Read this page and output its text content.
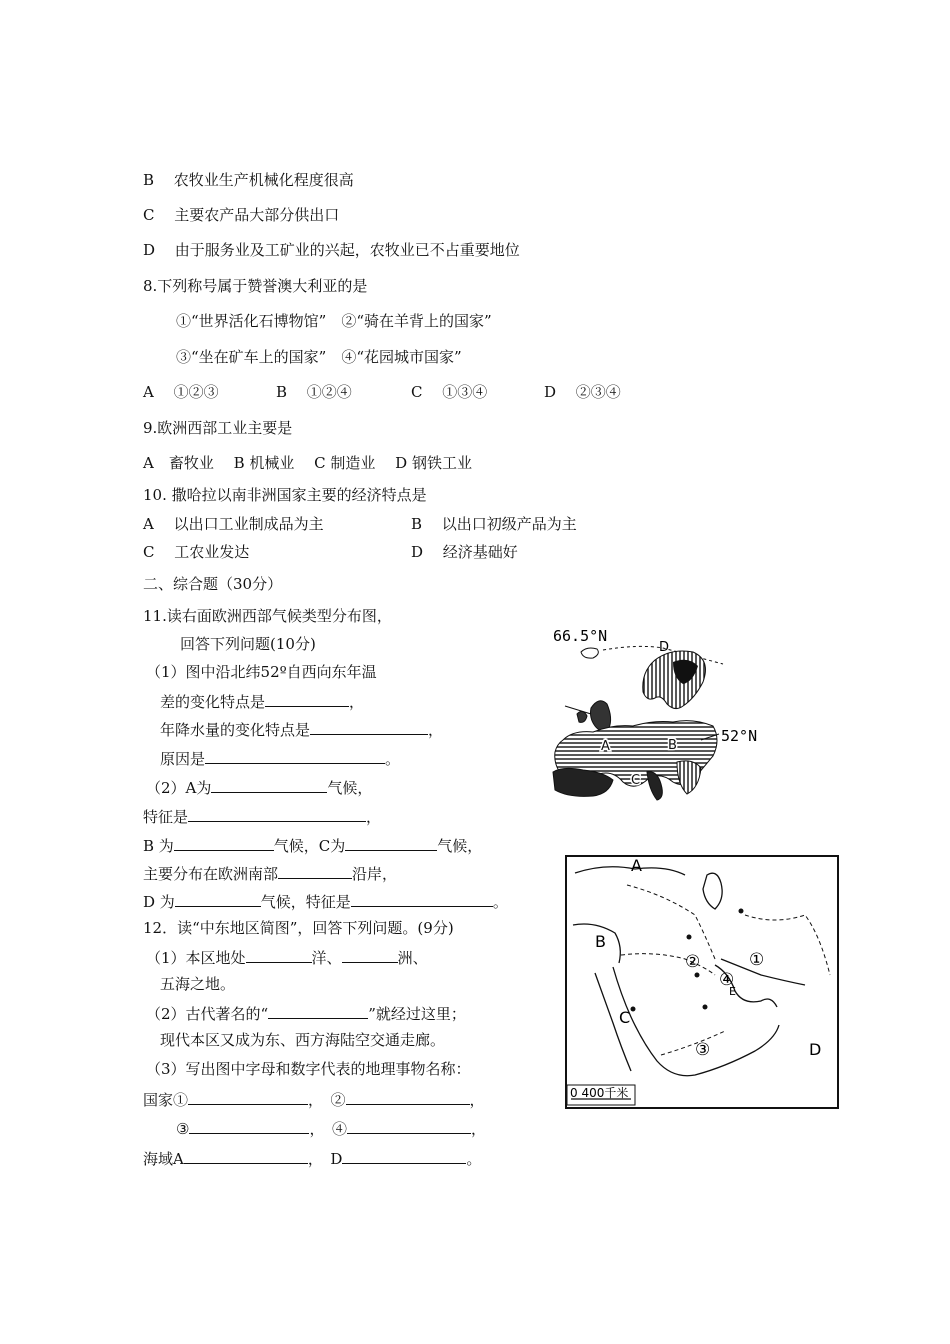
B　 农牧业生产机械化程度很高
C　 主要农产品大部分供出口
D　 由于服务业及工矿业的兴起，农牧业已不占重要地位
8.下列称号属于赞誉澳大利亚的是
①“世界活化石博物馆”　②“骑在羊背上的国家”
③“坐在矿车上的国家”　④“花园城市国家”
A　 ①②③	B　 ①②④	C　 ①③④	D　 ②③④
9.欧洲西部工业主要是
A　畜牧业　 B 机械业　 C 制造业　 D 钢铁工业
10. 撒哈拉以南非洲国家主要的经济特点是
A　 以出口工业制成品为主	B　 以出口初级产品为主
C　 工农业发达	D　 经济基础好
二、综合题（30分）
11.读右面欧洲西部气候类型分布图，
回答下列问题(10分)
（1）图中沿北纬52º自西向东年温
差的变化特点是	，
年降水量的变化特点是	，
原因是	。
（2）A为	气候，
特征是	，
B 为	气候，C为	气候，
主要分布在欧洲南部	沿岸，
D 为	气候，特征是	。
12．读“中东地区简图”，回答下列问题。(9分)
（1）本区地处	洋、	洲、
五海之地。
（2）古代著名的“	”就经过这里；
现代本区又成为东、西方海陆空交通走廊。
（3）写出图中字母和数字代表的地理事物名称：
国家①	，　②	，
③	，　④	，
海域A	，　D	。
66.5°N
D
52°N
A	B
C
A
B
C
D
E
①
②
③
④
0 400千米
